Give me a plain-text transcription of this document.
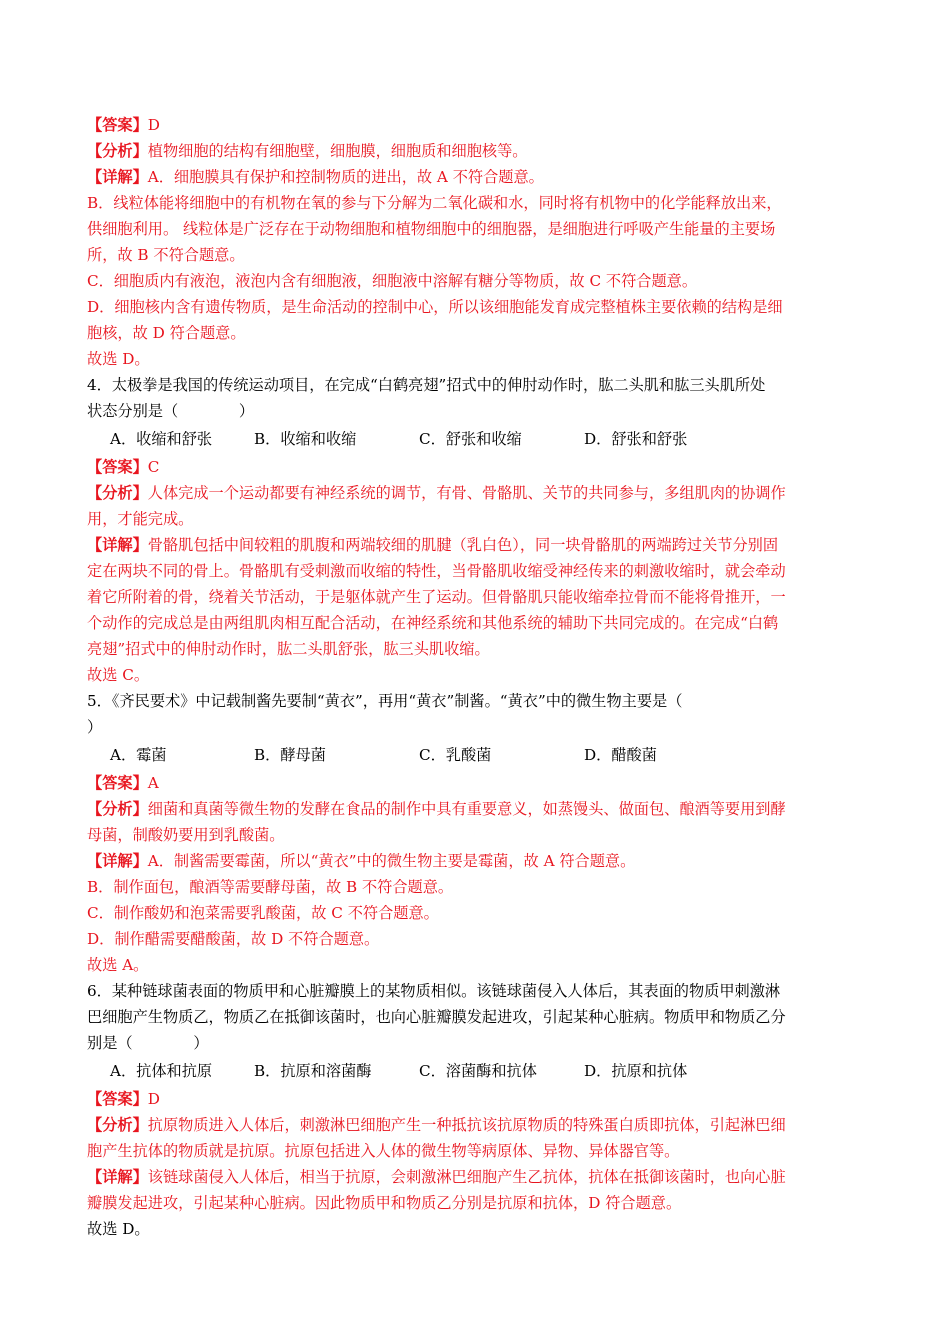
【答案】D
【分析】植物细胞的结构有细胞壁，细胞膜，细胞质和细胞核等。
【详解】A．细胞膜具有保护和控制物质的进出，故 A 不符合题意。
B．线粒体能将细胞中的有机物在氧的参与下分解为二氧化碳和水，同时将有机物中的化学能释放出来，
供细胞利用。 线粒体是广泛存在于动物细胞和植物细胞中的细胞器，是细胞进行呼吸产生能量的主要场
所，故 B 不符合题意。
C．细胞质内有液泡，液泡内含有细胞液，细胞液中溶解有糖分等物质，故 C 不符合题意。
D．细胞核内含有遗传物质，是生命活动的控制中心，所以该细胞能发育成完整植株主要依赖的结构是细
胞核，故 D 符合题意。
故选 D。
4．太极拳是我国的传统运动项目，在完成“白鹤亮翅”招式中的伸肘动作时，肱二头肌和肱三头肌所处
状态分别是（　　　　）
A．收缩和舒张	B．收缩和收缩	C．舒张和收缩	D．舒张和舒张
【答案】C
【分析】人体完成一个运动都要有神经系统的调节，有骨、骨骼肌、关节的共同参与，多组肌肉的协调作
用，才能完成。
【详解】骨骼肌包括中间较粗的肌腹和两端较细的肌腱（乳白色），同一块骨骼肌的两端跨过关节分别固
定在两块不同的骨上。骨骼肌有受刺激而收缩的特性，当骨骼肌收缩受神经传来的刺激收缩时，就会牵动
着它所附着的骨，绕着关节活动，于是躯体就产生了运动。但骨骼肌只能收缩牵拉骨而不能将骨推开，一
个动作的完成总是由两组肌肉相互配合活动，在神经系统和其他系统的辅助下共同完成的。在完成“白鹤
亮翅”招式中的伸肘动作时，肱二头肌舒张，肱三头肌收缩。
故选 C。
5．《齐民要术》中记载制酱先要制“黄衣”，再用“黄衣”制酱。“黄衣”中的微生物主要是（
）
A．霉菌	B．酵母菌	C．乳酸菌	D．醋酸菌
【答案】A
【分析】细菌和真菌等微生物的发酵在食品的制作中具有重要意义，如蒸馒头、做面包、酿酒等要用到酵
母菌，制酸奶要用到乳酸菌。
【详解】A．制酱需要霉菌，所以“黄衣”中的微生物主要是霉菌，故 A 符合题意。
B．制作面包，酿酒等需要酵母菌，故 B 不符合题意。
C．制作酸奶和泡菜需要乳酸菌，故 C 不符合题意。
D．制作醋需要醋酸菌，故 D 不符合题意。
故选 A。
6．某种链球菌表面的物质甲和心脏瓣膜上的某物质相似。该链球菌侵入人体后，其表面的物质甲刺激淋
巴细胞产生物质乙，物质乙在抵御该菌时，也向心脏瓣膜发起进攻，引起某种心脏病。物质甲和物质乙分
别是（　　　　）
A．抗体和抗原	B．抗原和溶菌酶	C．溶菌酶和抗体	D．抗原和抗体
【答案】D
【分析】抗原物质进入人体后，刺激淋巴细胞产生一种抵抗该抗原物质的特殊蛋白质即抗体，引起淋巴细
胞产生抗体的物质就是抗原。抗原包括进入人体的微生物等病原体、异物、异体器官等。
【详解】该链球菌侵入人体后，相当于抗原，会刺激淋巴细胞产生乙抗体，抗体在抵御该菌时，也向心脏
瓣膜发起进攻，引起某种心脏病。因此物质甲和物质乙分别是抗原和抗体，D 符合题意。
故选 D。
